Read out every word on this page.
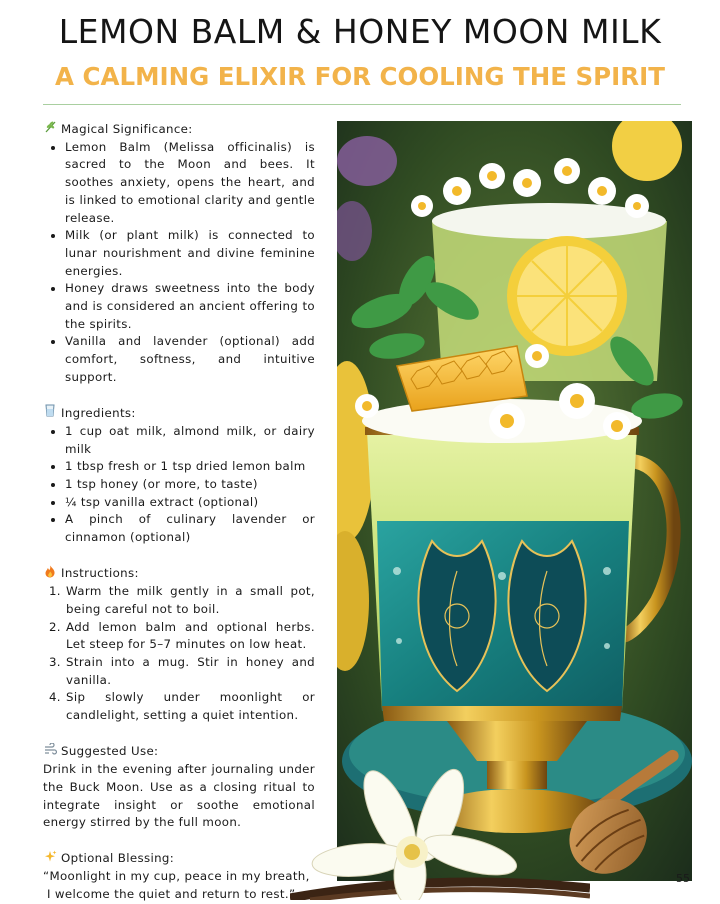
LEMON BALM & HONEY MOON MILK
A CALMING ELIXIR FOR COOLING THE SPIRIT
Magical Significance:
• Lemon Balm (Melissa officinalis) is sacred to the Moon and bees. It soothes anxiety, opens the heart, and is linked to emotional clarity and gentle release.
• Milk (or plant milk) is connected to lunar nourishment and divine feminine energies.
• Honey draws sweetness into the body and is considered an ancient offering to the spirits.
• Vanilla and lavender (optional) add comfort, softness, and intuitive support.
Ingredients:
• 1 cup oat milk, almond milk, or dairy milk
• 1 tbsp fresh or 1 tsp dried lemon balm
• 1 tsp honey (or more, to taste)
• ¼ tsp vanilla extract (optional)
• A pinch of culinary lavender or cinnamon (optional)
Instructions:
1. Warm the milk gently in a small pot, being careful not to boil.
2. Add lemon balm and optional herbs. Let steep for 5–7 minutes on low heat.
3. Strain into a mug. Stir in honey and vanilla.
4. Sip slowly under moonlight or candlelight, setting a quiet intention.
Suggested Use:

Drink in the evening after journaling under the Buck Moon. Use as a closing ritual to integrate insight or soothe emotional energy stirred by the full moon.

Optional Blessing:
“Moonlight in my cup, peace in my breath,
I welcome the quiet and return to rest.”
55
